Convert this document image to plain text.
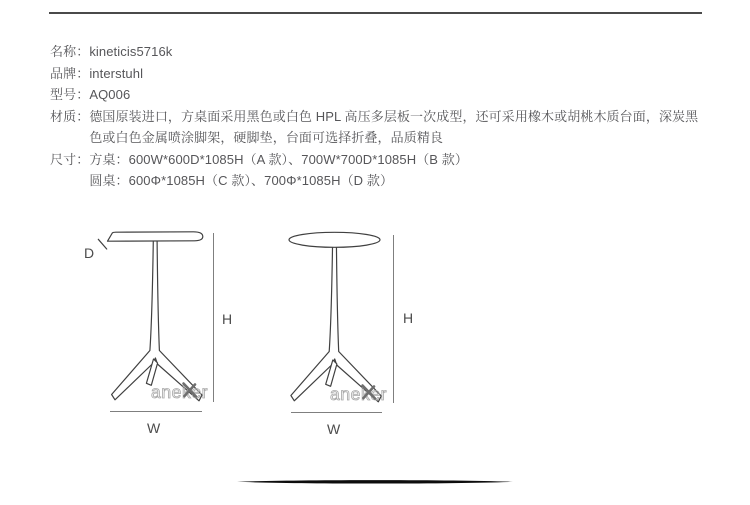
名称： kineticis5716k
品牌： interstuhl
型号： AQ006
材质： 德国原装进口，方桌面采用黑色或白色 HPL 高压多层板一次成型，还可采用橡木或胡桃木质台面，深炭黑色或白色金属喷涂脚架，硬脚垫，台面可选择折叠，品质精良
尺寸： 方桌：600W*600D*1085H（A 款）、700W*700D*1085H（B 款）
圆桌：600Φ*1085H（C 款）、700Φ*1085H（D 款）
D
H
W
aneker
H
W
aneker
